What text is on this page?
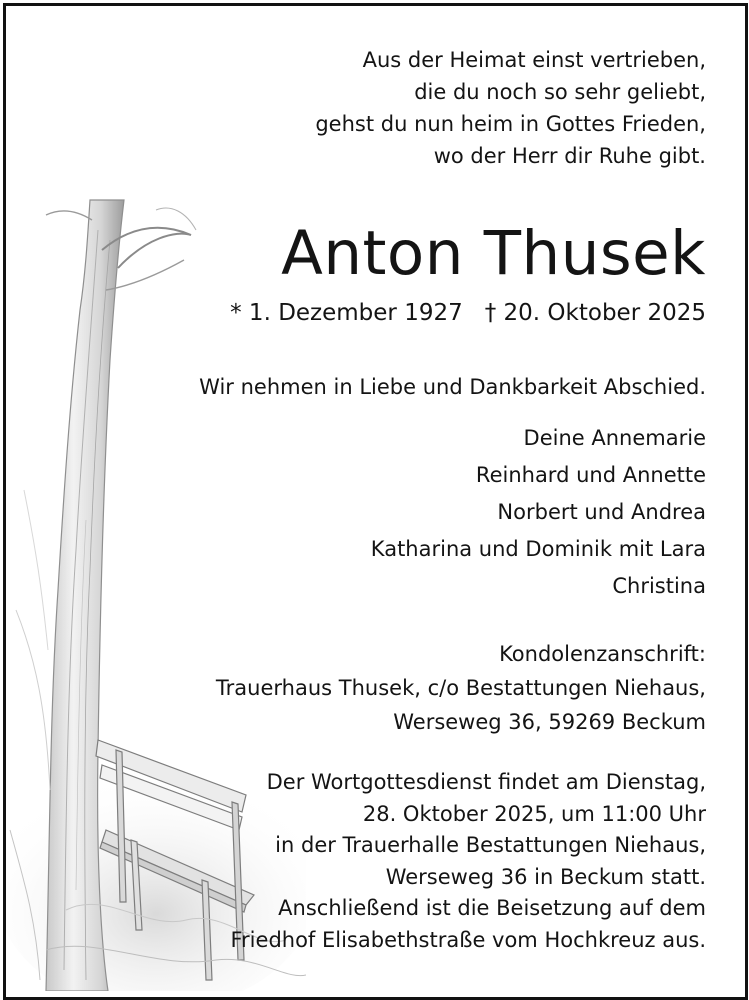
Aus der Heimat einst vertrieben,
die du noch so sehr geliebt,
gehst du nun heim in Gottes Frieden,
wo der Herr dir Ruhe gibt.
Anton Thusek
* 1. Dezember 1927 † 20. Oktober 2025
Wir nehmen in Liebe und Dankbarkeit Abschied.
Deine Annemarie
Reinhard und Annette
Norbert und Andrea
Katharina und Dominik mit Lara
Christina
Kondolenzanschrift:
Trauerhaus Thusek, c/o Bestattungen Niehaus,
Werseweg 36, 59269 Beckum
Der Wortgottesdienst findet am Dienstag,
28. Oktober 2025, um 11:00 Uhr
in der Trauerhalle Bestattungen Niehaus,
Werseweg 36 in Beckum statt.
Anschließend ist die Beisetzung auf dem
Friedhof Elisabethstraße vom Hochkreuz aus.
